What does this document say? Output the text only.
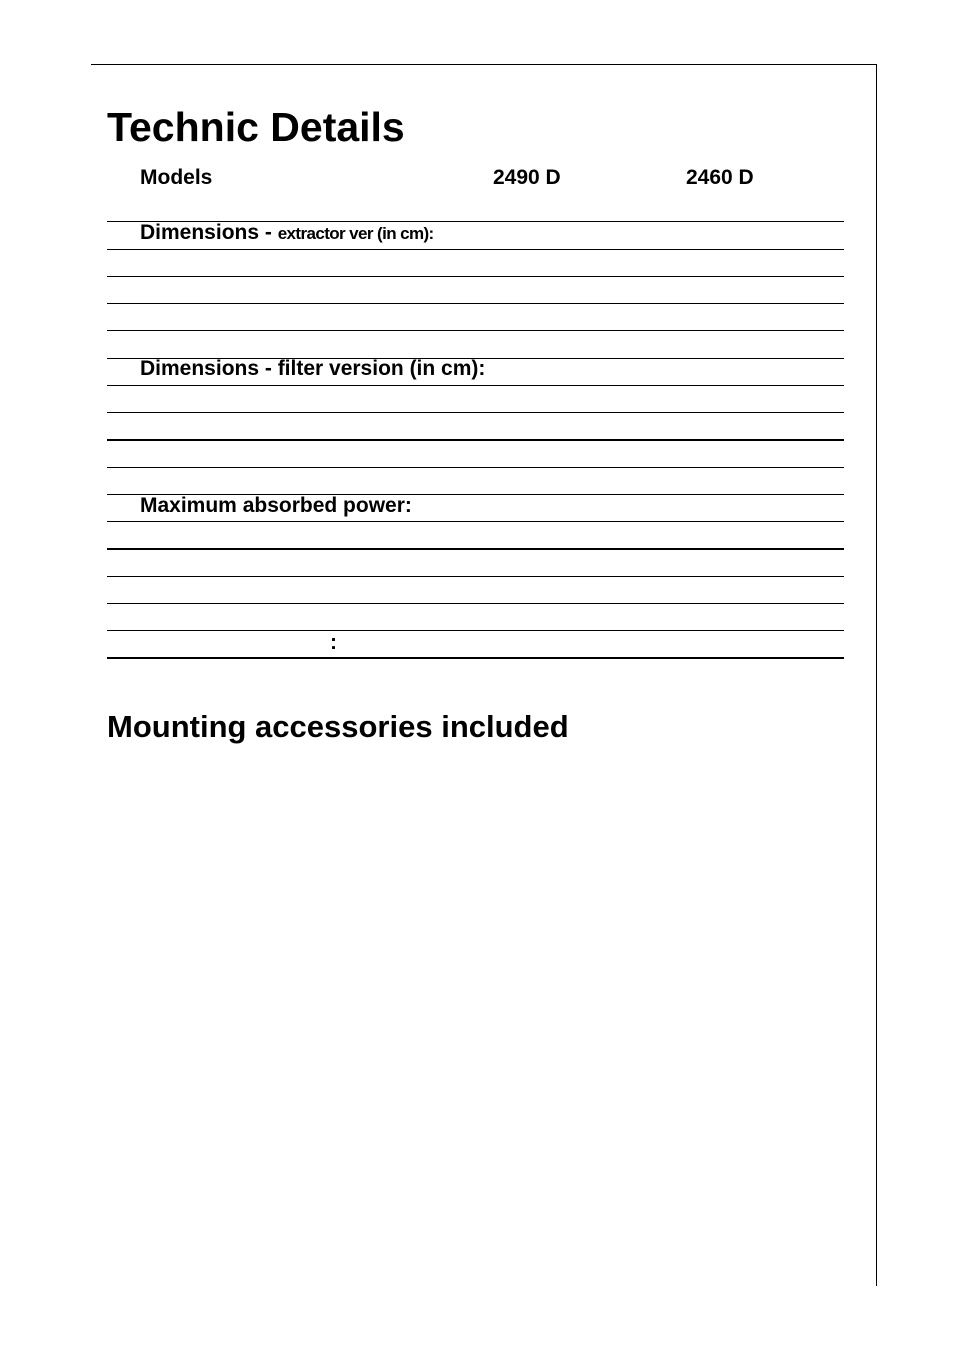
Technic Details
Models	2490 D	2460 D
Dimensions - extractor ver (in cm):
Dimensions - filter version (in cm):
Maximum absorbed power:
:
Mounting accessories included
